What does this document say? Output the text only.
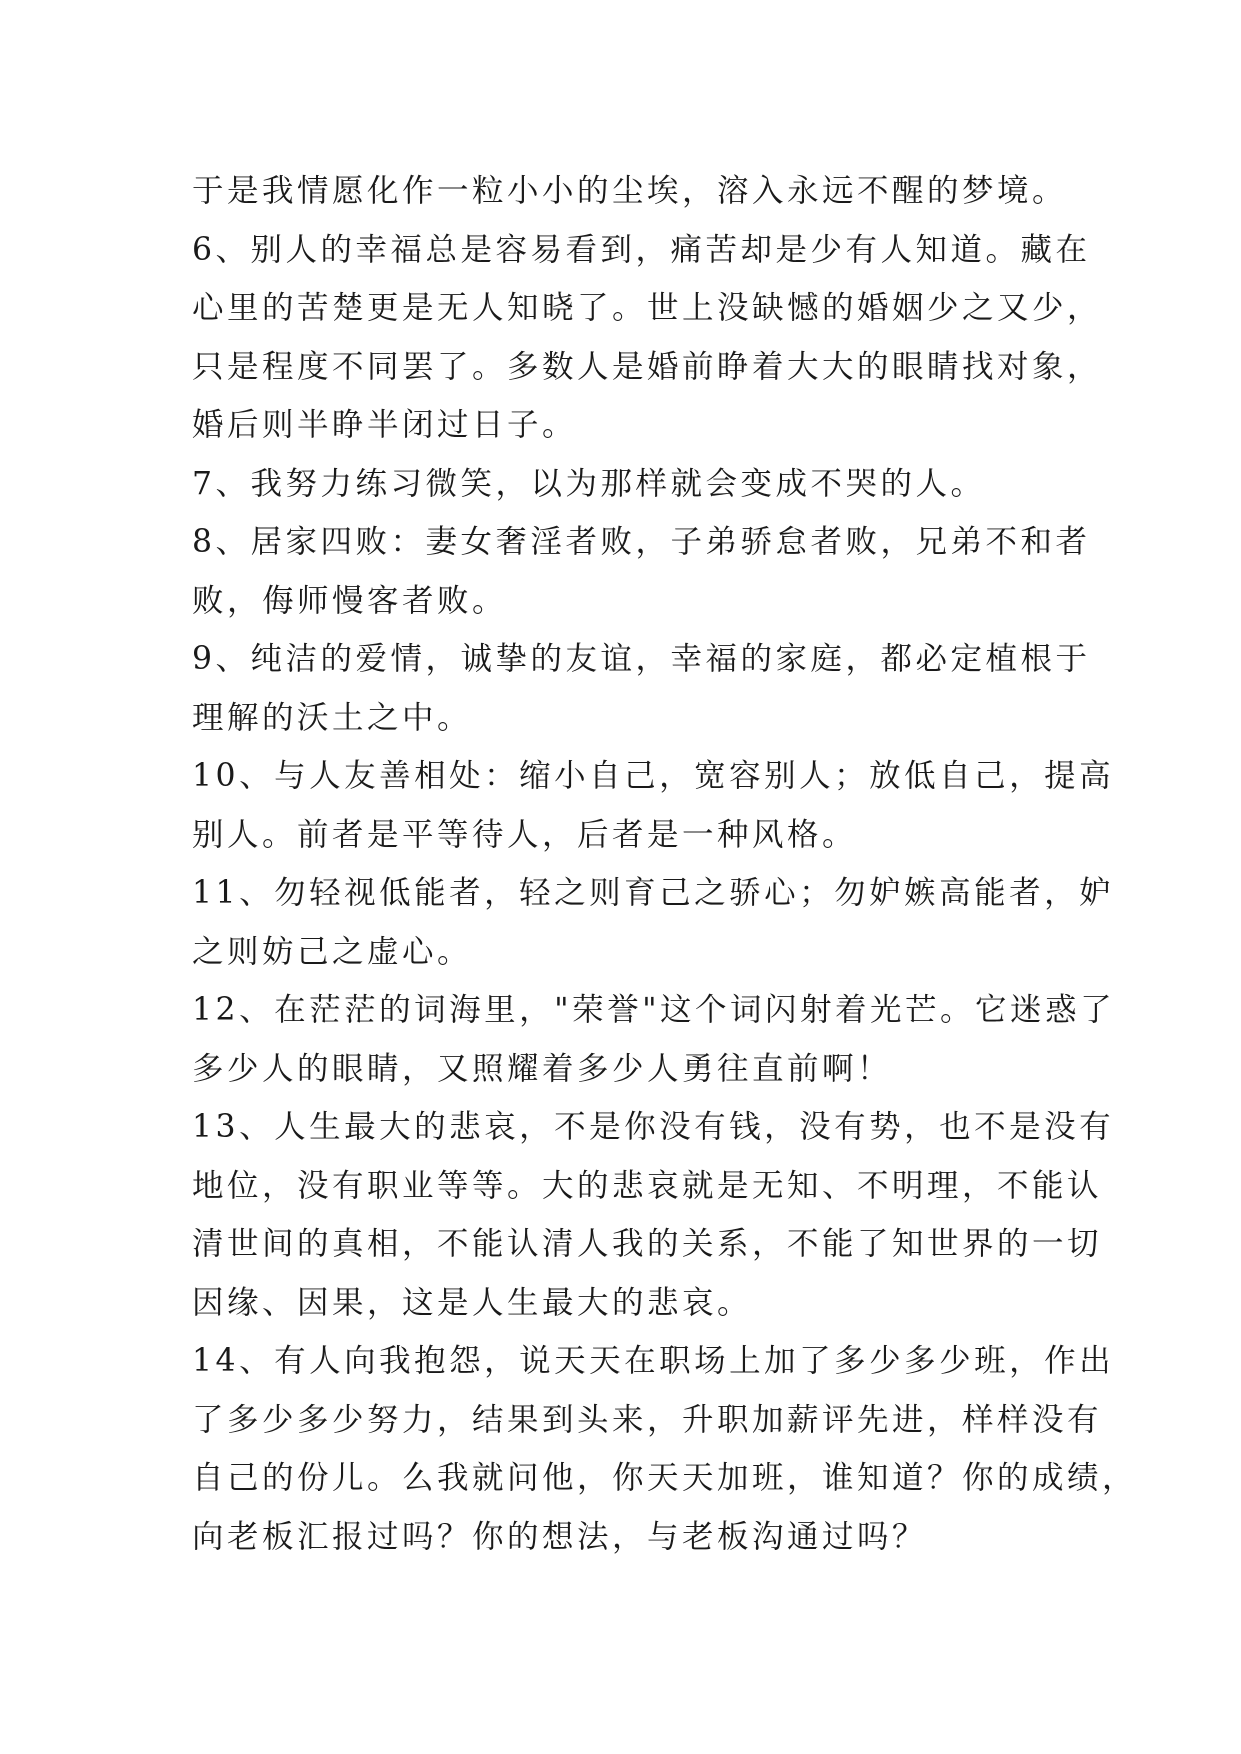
于是我情愿化作一粒小小的尘埃，溶入永远不醒的梦境。
6、别人的幸福总是容易看到，痛苦却是少有人知道。藏在
心里的苦楚更是无人知晓了。世上没缺憾的婚姻少之又少，
只是程度不同罢了。多数人是婚前睁着大大的眼睛找对象，
婚后则半睁半闭过日子。
7、我努力练习微笑，以为那样就会变成不哭的人。
8、居家四败：妻女奢淫者败，子弟骄怠者败，兄弟不和者
败，侮师慢客者败。
9、纯洁的爱情，诚挚的友谊，幸福的家庭，都必定植根于
理解的沃土之中。
10、与人友善相处：缩小自己，宽容别人；放低自己，提高
别人。前者是平等待人，后者是一种风格。
11、勿轻视低能者，轻之则育己之骄心；勿妒嫉高能者，妒
之则妨己之虚心。
12、在茫茫的词海里，"荣誉"这个词闪射着光芒。它迷惑了
多少人的眼睛，又照耀着多少人勇往直前啊！
13、人生最大的悲哀，不是你没有钱，没有势，也不是没有
地位，没有职业等等。大的悲哀就是无知、不明理，不能认
清世间的真相，不能认清人我的关系，不能了知世界的一切
因缘、因果，这是人生最大的悲哀。
14、有人向我抱怨，说天天在职场上加了多少多少班，作出
了多少多少努力，结果到头来，升职加薪评先进，样样没有
自己的份儿。么我就问他，你天天加班，谁知道？你的成绩，
向老板汇报过吗？你的想法，与老板沟通过吗？
